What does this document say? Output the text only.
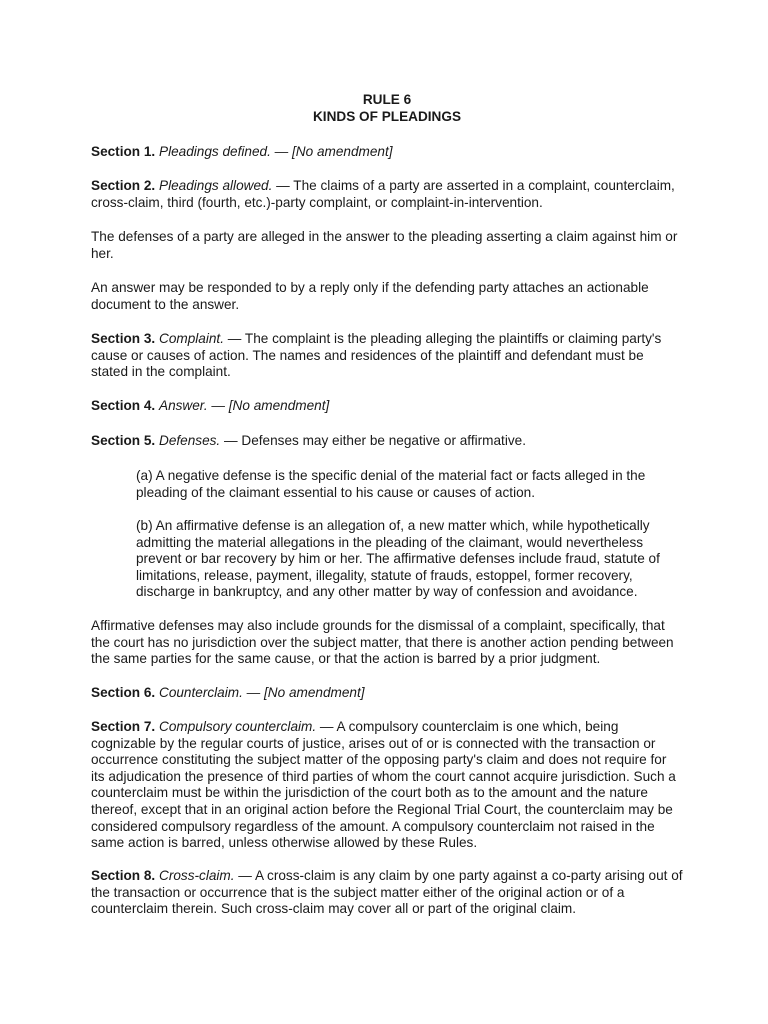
RULE 6
KINDS OF PLEADINGS

Section 1. Pleadings defined. — [No amendment]

Section 2. Pleadings allowed. — The claims of a party are asserted in a complaint, counterclaim, cross-claim, third (fourth, etc.)-party complaint, or complaint-in-intervention.

The defenses of a party are alleged in the answer to the pleading asserting a claim against him or her.

An answer may be responded to by a reply only if the defending party attaches an actionable document to the answer.

Section 3. Complaint. — The complaint is the pleading alleging the plaintiffs or claiming party's cause or causes of action. The names and residences of the plaintiff and defendant must be stated in the complaint.

Section 4. Answer. — [No amendment]

Section 5. Defenses. — Defenses may either be negative or affirmative.

(a) A negative defense is the specific denial of the material fact or facts alleged in the pleading of the claimant essential to his cause or causes of action.

(b) An affirmative defense is an allegation of, a new matter which, while hypothetically admitting the material allegations in the pleading of the claimant, would nevertheless prevent or bar recovery by him or her. The affirmative defenses include fraud, statute of limitations, release, payment, illegality, statute of frauds, estoppel, former recovery, discharge in bankruptcy, and any other matter by way of confession and avoidance.

Affirmative defenses may also include grounds for the dismissal of a complaint, specifically, that the court has no jurisdiction over the subject matter, that there is another action pending between the same parties for the same cause, or that the action is barred by a prior judgment.

Section 6. Counterclaim. — [No amendment]

Section 7. Compulsory counterclaim. — A compulsory counterclaim is one which, being cognizable by the regular courts of justice, arises out of or is connected with the transaction or occurrence constituting the subject matter of the opposing party's claim and does not require for its adjudication the presence of third parties of whom the court cannot acquire jurisdiction. Such a counterclaim must be within the jurisdiction of the court both as to the amount and the nature thereof, except that in an original action before the Regional Trial Court, the counterclaim may be considered compulsory regardless of the amount. A compulsory counterclaim not raised in the same action is barred, unless otherwise allowed by these Rules.

Section 8. Cross-claim. — A cross-claim is any claim by one party against a co-party arising out of the transaction or occurrence that is the subject matter either of the original action or of a counterclaim therein. Such cross-claim may cover all or part of the original claim.
